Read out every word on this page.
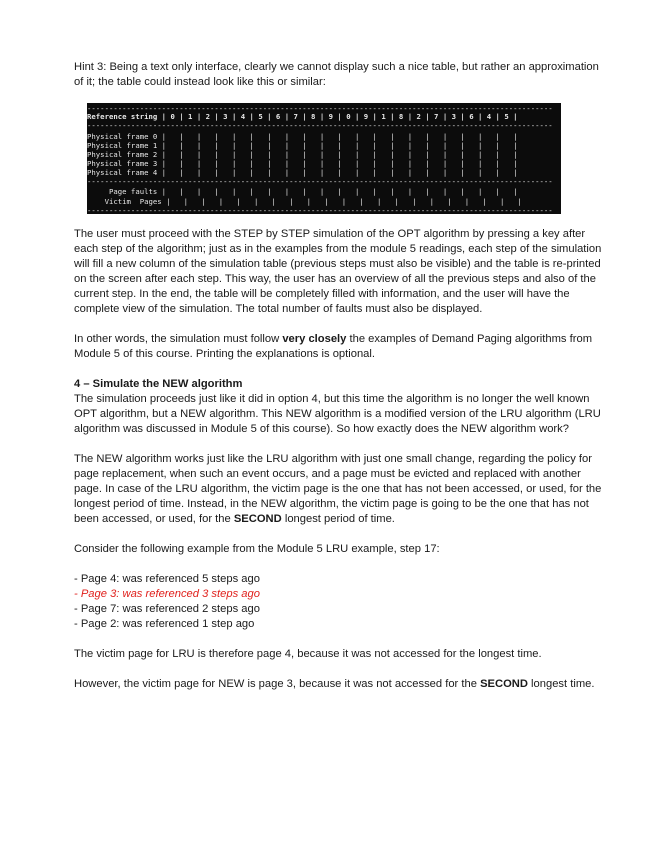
Hint 3: Being a text only interface, clearly we cannot display such a nice table, but rather an approximation of it; the table could instead look like this or similar:

----------------------------------------------------------------------------------------------------------
Reference string | 0 | 1 | 2 | 3 | 4 | 5 | 6 | 7 | 8 | 9 | 0 | 9 | 1 | 8 | 2 | 7 | 3 | 6 | 4 | 5 |
----------------------------------------------------------------------------------------------------------
Physical frame 0 |   |   |   |   |   |   |   |   |   |   |   |   |   |   |   |   |   |   |   |   |
Physical frame 1 |   |   |   |   |   |   |   |   |   |   |   |   |   |   |   |   |   |   |   |   |
Physical frame 2 |   |   |   |   |   |   |   |   |   |   |   |   |   |   |   |   |   |   |   |   |
Physical frame 3 |   |   |   |   |   |   |   |   |   |   |   |   |   |   |   |   |   |   |   |   |
Physical frame 4 |   |   |   |   |   |   |   |   |   |   |   |   |   |   |   |   |   |   |   |   |
----------------------------------------------------------------------------------------------------------
Page faults |   |   |   |   |   |   |   |   |   |   |   |   |   |   |   |   |   |   |   |   |
Victim  Pages |   |   |   |   |   |   |   |   |   |   |   |   |   |   |   |   |   |   |   |   |
----------------------------------------------------------------------------------------------------------

The user must proceed with the STEP by STEP simulation of the OPT algorithm by pressing a key after each step of the algorithm; just as in the examples from the module 5 readings, each step of the simulation will fill a new column of the simulation table (previous steps must also be visible) and the table is re-printed on the screen after each step. This way, the user has an overview of all the previous steps and also of the current step. In the end, the table will be completely filled with information, and the user will have the complete view of the simulation. The total number of faults must also be displayed.

In other words, the simulation must follow very closely the examples of Demand Paging algorithms from Module 5 of this course. Printing the explanations is optional.

4 – Simulate the NEW algorithm

The simulation proceeds just like it did in option 4, but this time the algorithm is no longer the well known OPT algorithm, but a NEW algorithm. This NEW algorithm is a modified version of the LRU algorithm (LRU algorithm was discussed in Module 5 of this course). So how exactly does the NEW algorithm work?

The NEW algorithm works just like the LRU algorithm with just one small change, regarding the policy for page replacement, when such an event occurs, and a page must be evicted and replaced with another page. In case of the LRU algorithm, the victim page is the one that has not been accessed, or used, for the longest period of time. Instead, in the NEW algorithm, the victim page is going to be the one that has not been accessed, or used, for the SECOND longest period of time.

Consider the following example from the Module 5 LRU example, step 17:

- Page 4: was referenced 5 steps ago

- Page 3: was referenced 3 steps ago

- Page 7: was referenced 2 steps ago

- Page 2: was referenced 1 step ago

The victim page for LRU is therefore page 4, because it was not accessed for the longest time.

However, the victim page for NEW is page 3, because it was not accessed for the SECOND longest time.
